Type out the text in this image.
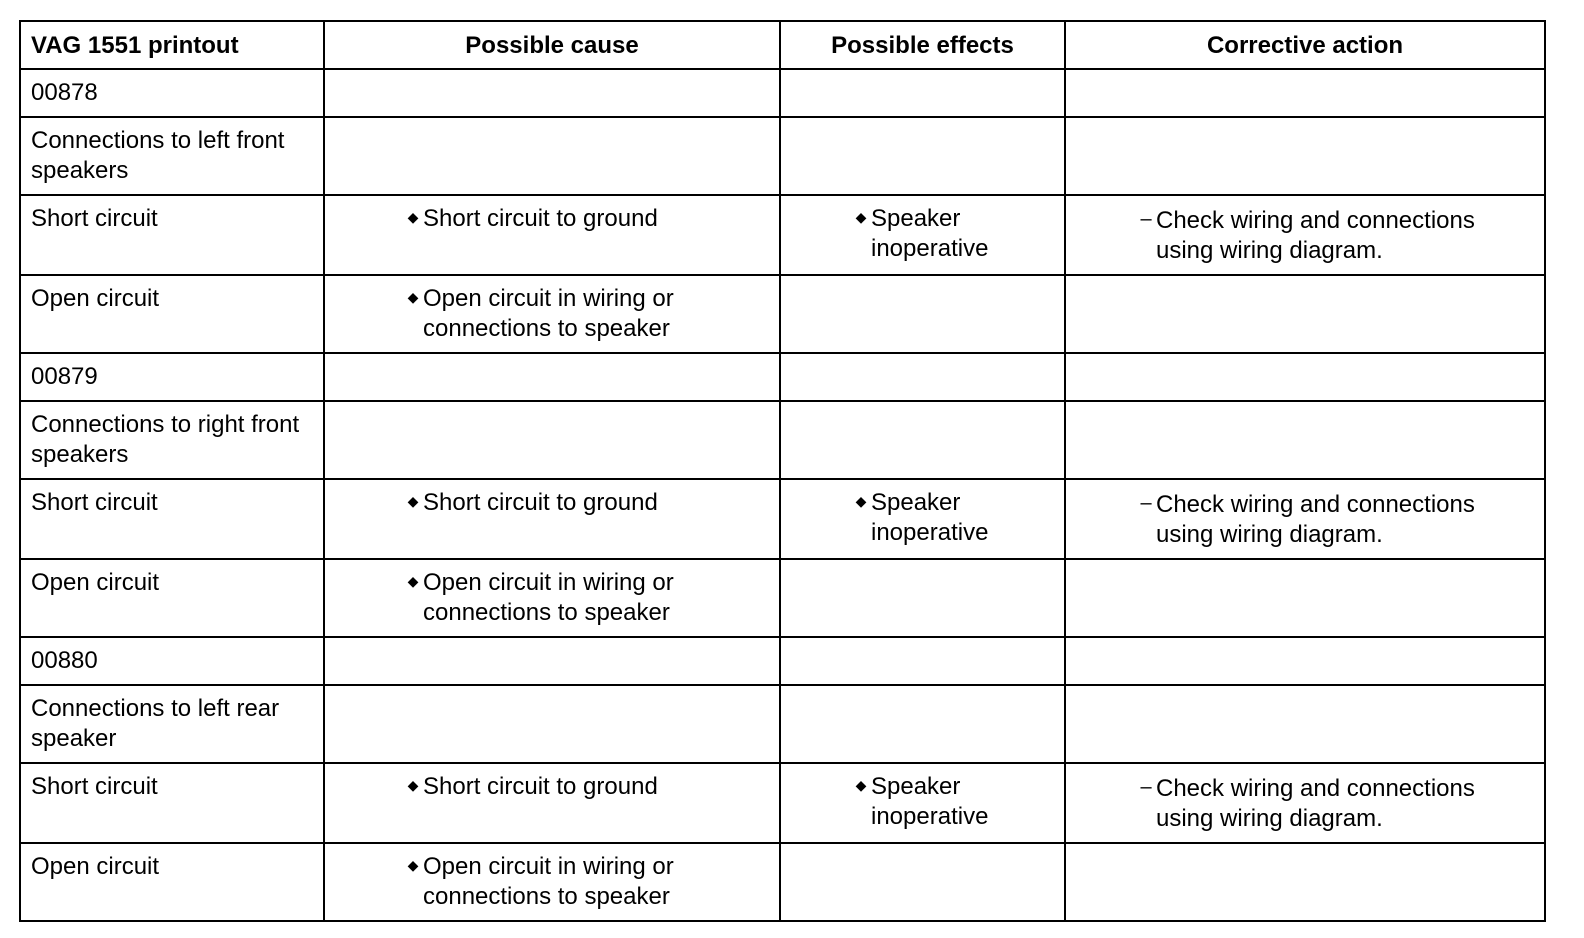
VAG 1551 printout	Possible cause	Possible effects	Corrective action
00878			
Connections to left front speakers			
Short circuit	◆ Short circuit to ground	◆ Speaker inoperative	– Check wiring and connections using wiring diagram.

Open circuit	◆ Open circuit in wiring or connections to speaker		

00879			
Connections to right front speakers			
Short circuit	◆ Short circuit to ground	◆ Speaker inoperative	– Check wiring and connections using wiring diagram.

Open circuit	◆ Open circuit in wiring or connections to speaker		

00880			
Connections to left rear speaker			
Short circuit	◆ Short circuit to ground	◆ Speaker inoperative	– Check wiring and connections using wiring diagram.

Open circuit	◆ Open circuit in wiring or connections to speaker		
